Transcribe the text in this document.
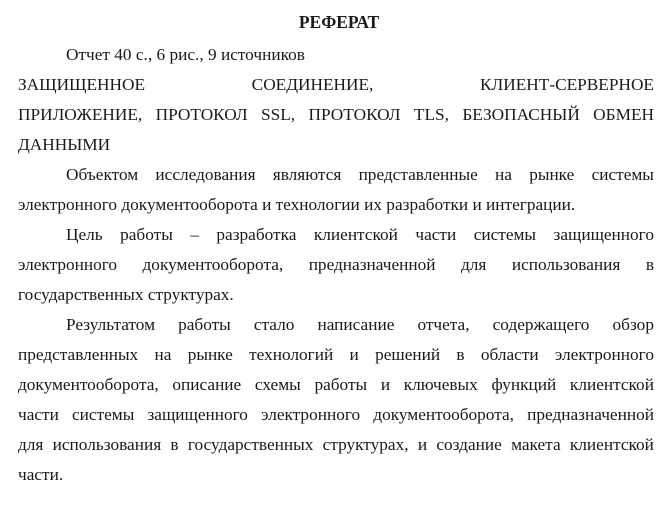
РЕФЕРАТ

Отчет 40 с., 6 рис., 9 источников

ЗАЩИЩЕННОЕ	СОЕДИНЕНИЕ,	КЛИЕНТ-СЕРВЕРНОЕ
ПРИЛОЖЕНИЕ, ПРОТОКОЛ SSL, ПРОТОКОЛ TLS, БЕЗОПАСНЫЙ ОБМЕН

ДАННЫМИ

Объектом исследования являются представленные на рынке системы

электронного документооборота и технологии их разработки и интеграции.

Цель работы – разработка клиентской части системы защищенного
электронного документооборота, предназначенной для использования в

государственных структурах.

Результатом работы стало написание отчета, содержащего обзор
представленных на рынке технологий и решений в области электронного
документооборота, описание схемы работы и ключевых функций клиентской
части системы защищенного электронного документооборота, предназначенной
для использования в государственных структурах, и создание макета клиентской

части.
